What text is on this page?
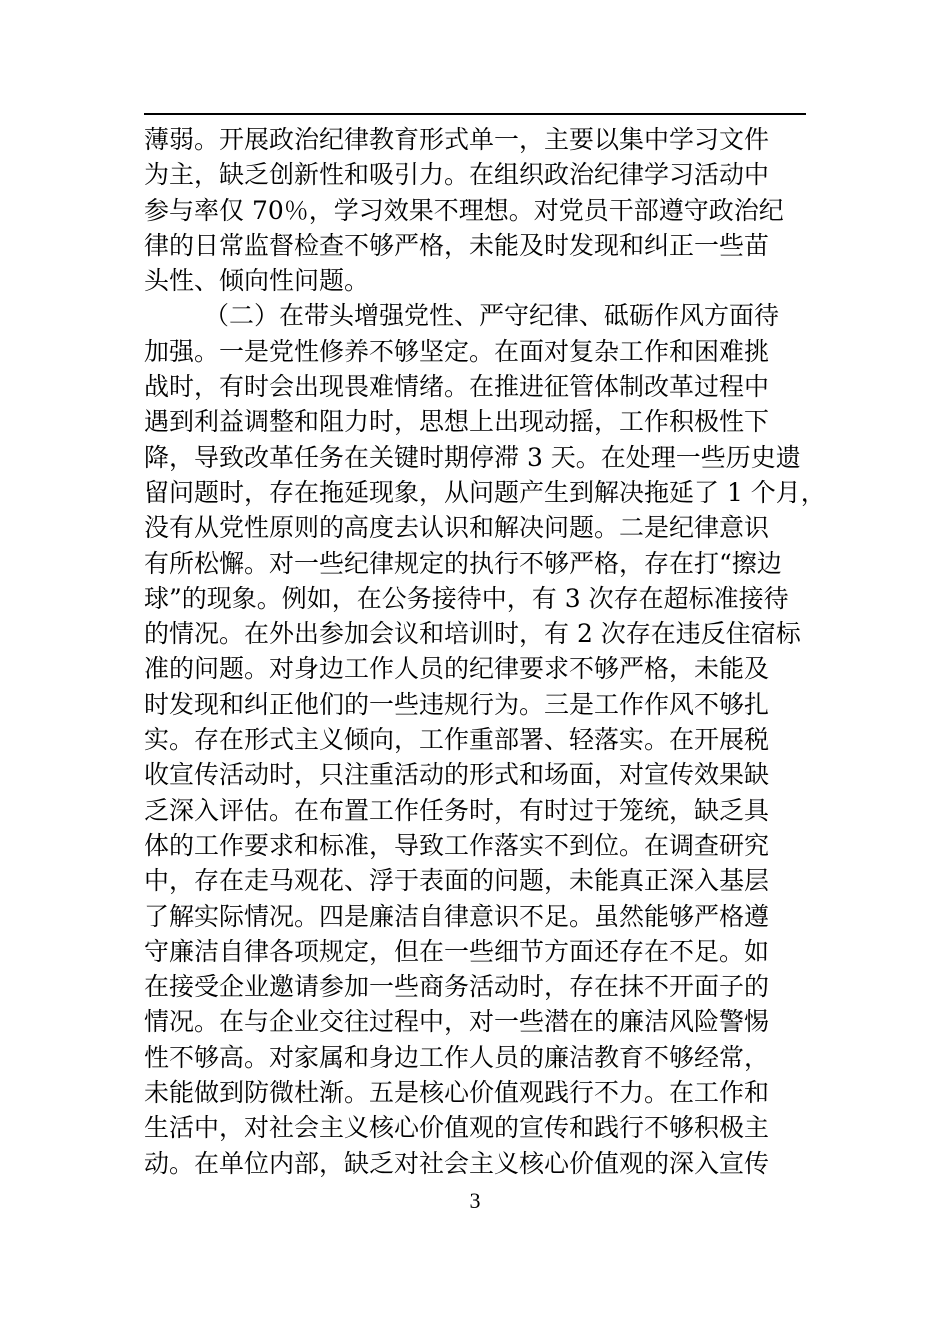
薄弱。开展政治纪律教育形式单一，主要以集中学习文件
为主，缺乏创新性和吸引力。在组织政治纪律学习活动中
参与率仅 70％，学习效果不理想。对党员干部遵守政治纪
律的日常监督检查不够严格，未能及时发现和纠正一些苗
头性、倾向性问题。
（二）在带头增强党性、严守纪律、砥砺作风方面待
加强。一是党性修养不够坚定。在面对复杂工作和困难挑
战时，有时会出现畏难情绪。在推进征管体制改革过程中
遇到利益调整和阻力时，思想上出现动摇，工作积极性下
降，导致改革任务在关键时期停滞 3 天。在处理一些历史遗
留问题时，存在拖延现象，从问题产生到解决拖延了 1 个月，
没有从党性原则的高度去认识和解决问题。二是纪律意识
有所松懈。对一些纪律规定的执行不够严格，存在打“擦边
球”的现象。例如，在公务接待中，有 3 次存在超标准接待
的情况。在外出参加会议和培训时，有 2 次存在违反住宿标
准的问题。对身边工作人员的纪律要求不够严格，未能及
时发现和纠正他们的一些违规行为。三是工作作风不够扎
实。存在形式主义倾向，工作重部署、轻落实。在开展税
收宣传活动时，只注重活动的形式和场面，对宣传效果缺
乏深入评估。在布置工作任务时，有时过于笼统，缺乏具
体的工作要求和标准，导致工作落实不到位。在调查研究
中，存在走马观花、浮于表面的问题，未能真正深入基层
了解实际情况。四是廉洁自律意识不足。虽然能够严格遵
守廉洁自律各项规定，但在一些细节方面还存在不足。如
在接受企业邀请参加一些商务活动时，存在抹不开面子的
情况。在与企业交往过程中，对一些潜在的廉洁风险警惕
性不够高。对家属和身边工作人员的廉洁教育不够经常，
未能做到防微杜渐。五是核心价值观践行不力。在工作和
生活中，对社会主义核心价值观的宣传和践行不够积极主
动。在单位内部，缺乏对社会主义核心价值观的深入宣传
3
